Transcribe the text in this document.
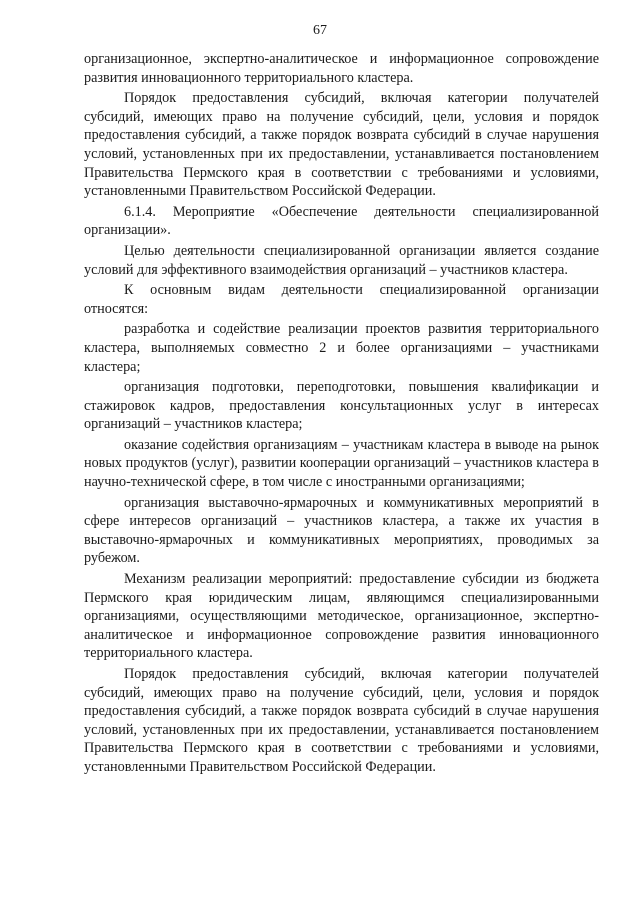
67

организационное, экспертно-аналитическое и информационное сопровождение развития инновационного территориального кластера.

Порядок предоставления субсидий, включая категории получателей субсидий, имеющих право на получение субсидий, цели, условия и порядок предоставления субсидий, а также порядок возврата субсидий в случае нарушения условий, установленных при их предоставлении, устанавливается постановлением Правительства Пермского края в соответствии с требованиями и условиями, установленными Правительством Российской Федерации.

6.1.4. Мероприятие «Обеспечение деятельности специализированной организации».

Целью деятельности специализированной организации является создание условий для эффективного взаимодействия организаций – участников кластера.

К основным видам деятельности специализированной организации относятся:

разработка и содействие реализации проектов развития территориального кластера, выполняемых совместно 2 и более организациями – участниками кластера;

организация подготовки, переподготовки, повышения квалификации и стажировок кадров, предоставления консультационных услуг в интересах организаций – участников кластера;

оказание содействия организациям – участникам кластера в выводе на рынок новых продуктов (услуг), развитии кооперации организаций – участников кластера в научно-технической сфере, в том числе с иностранными организациями;

организация выставочно-ярмарочных и коммуникативных мероприятий в сфере интересов организаций – участников кластера, а также их участия в выставочно-ярмарочных и коммуникативных мероприятиях, проводимых за рубежом.

Механизм реализации мероприятий: предоставление субсидии из бюджета Пермского края юридическим лицам, являющимся специализированными организациями, осуществляющими методическое, организационное, экспертно-аналитическое и информационное сопровождение развития инновационного территориального кластера.

Порядок предоставления субсидий, включая категории получателей субсидий, имеющих право на получение субсидий, цели, условия и порядок предоставления субсидий, а также порядок возврата субсидий в случае нарушения условий, установленных при их предоставлении, устанавливается постановлением Правительства Пермского края в соответствии с требованиями и условиями, установленными Правительством Российской Федерации.
